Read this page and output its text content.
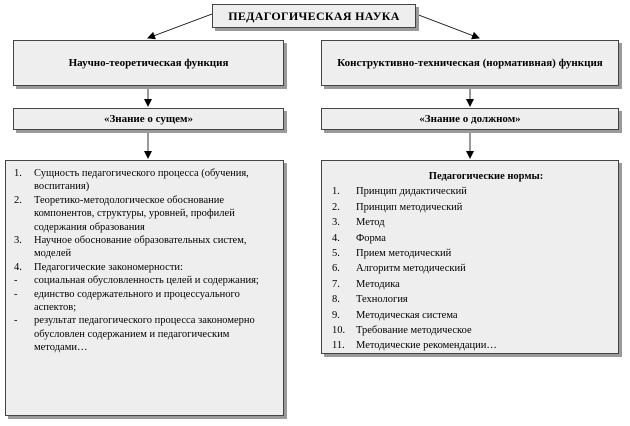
ПЕДАГОГИЧЕСКАЯ НАУКА
Научно-теоретическая функция	Конструктивно-техническая (нормативная) функция
«Знание о сущем»	«Знание о должном»
1.	Сущность педагогического процесса (обучения, воспитания)
2.	Теоретико-методологическое обоснование компонентов, структуры, уровней, профилей содержания образования
3.	Научное обоснование образовательных систем, моделей
4.	Педагогические закономерности:
-	социальная обусловленность целей и содержания;
-	единство содержательного и процессуального аспектов;
-	результат педагогического процесса закономерно обусловлен содержанием и педагогическим методами…
Педагогические нормы:
1.	Принцип дидактический
2.	Принцип методический
3.	Метод
4.	Форма
5.	Прием методический
6.	Алгоритм методический
7.	Методика
8.	Технология
9.	Методическая система
10.	Требование методическое
11.	Методические рекомендации…
